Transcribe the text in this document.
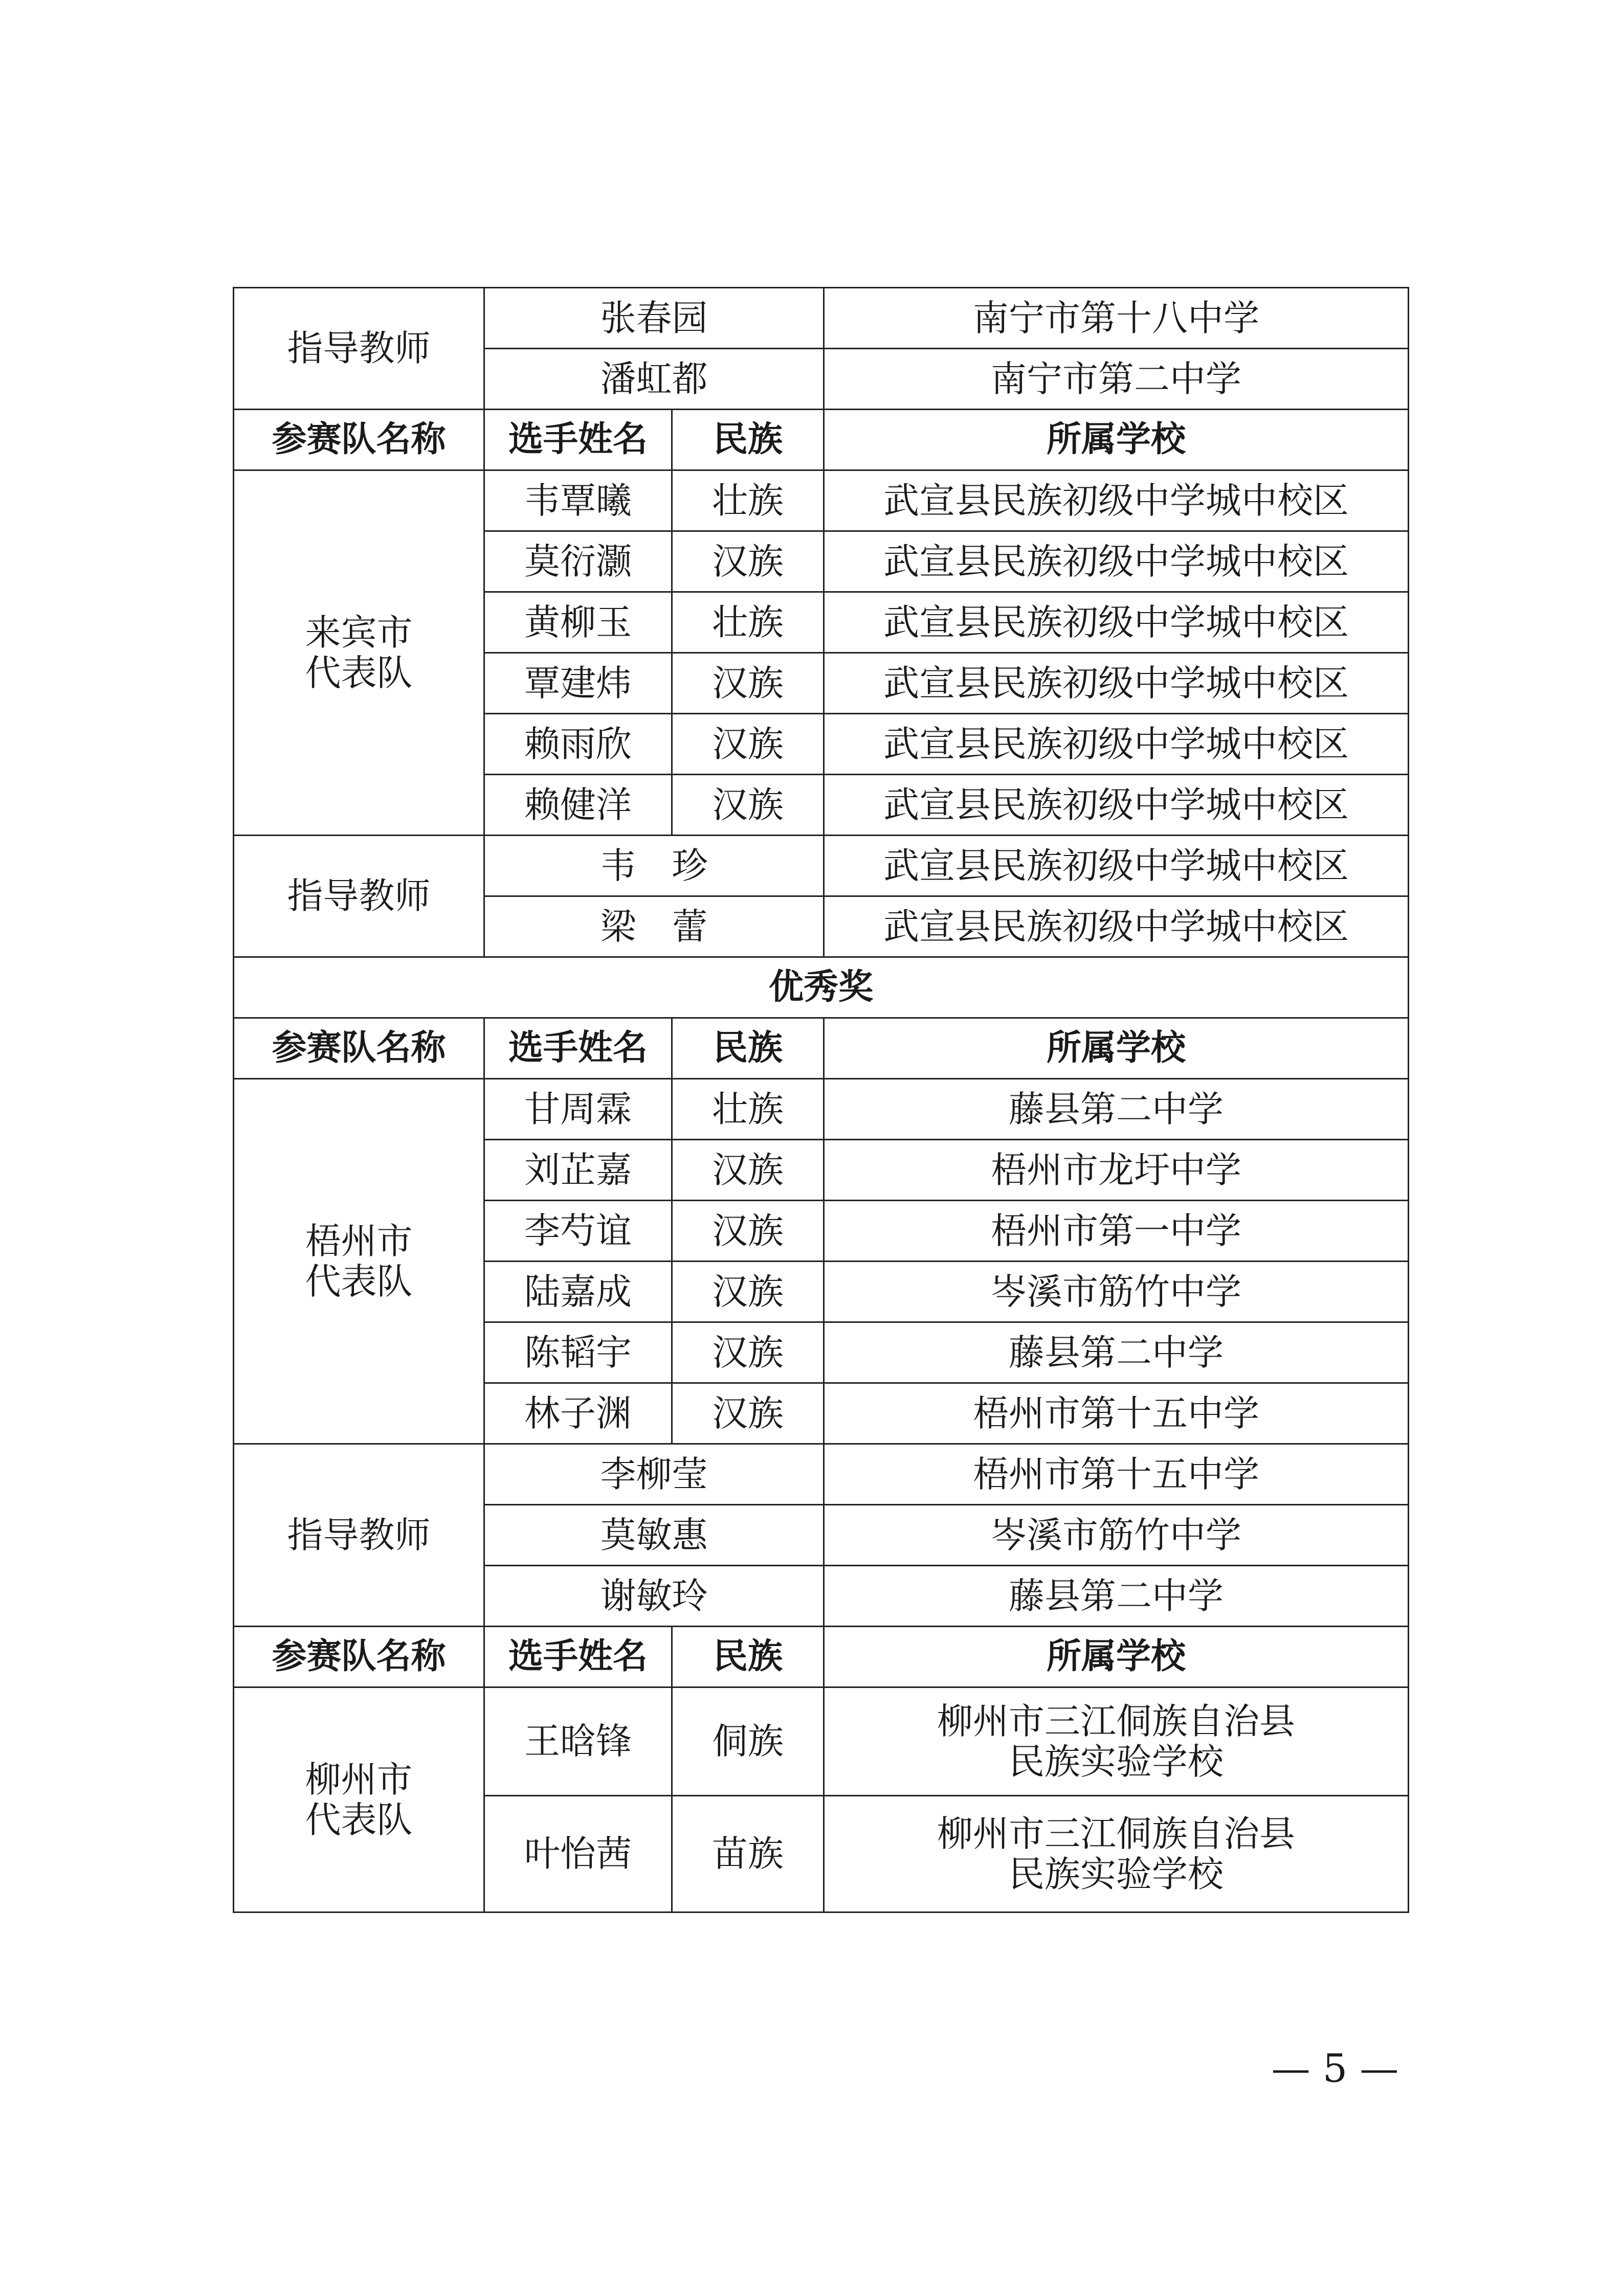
指导教师	张春园		南宁市第十八中学
	潘虹都		南宁市第二中学
参赛队名称	选手姓名	民族	所属学校
来宾市
代表队	韦覃曦	壮族	武宣县民族初级中学城中校区
	莫衍灏	汉族	武宣县民族初级中学城中校区
	黄柳玉	壮族	武宣县民族初级中学城中校区
	覃建炜	汉族	武宣县民族初级中学城中校区
	赖雨欣	汉族	武宣县民族初级中学城中校区
	赖健洋	汉族	武宣县民族初级中学城中校区
指导教师	韦　珍		武宣县民族初级中学城中校区
	梁　蕾		武宣县民族初级中学城中校区
优秀奖			
参赛队名称	选手姓名	民族	所属学校
梧州市
代表队	甘周霖	壮族	藤县第二中学
	刘芷嘉	汉族	梧州市龙圩中学
	李芍谊	汉族	梧州市第一中学
	陆嘉成	汉族	岑溪市筋竹中学
	陈韬宇	汉族	藤县第二中学
	林子渊	汉族	梧州市第十五中学
指导教师	李柳莹		梧州市第十五中学
	莫敏惠		岑溪市筋竹中学
	谢敏玲		藤县第二中学
参赛队名称	选手姓名	民族	所属学校
柳州市
代表队	王晗锋	侗族	柳州市三江侗族自治县
民族实验学校
	叶怡茜	苗族	柳州市三江侗族自治县
民族实验学校
— 5 —
